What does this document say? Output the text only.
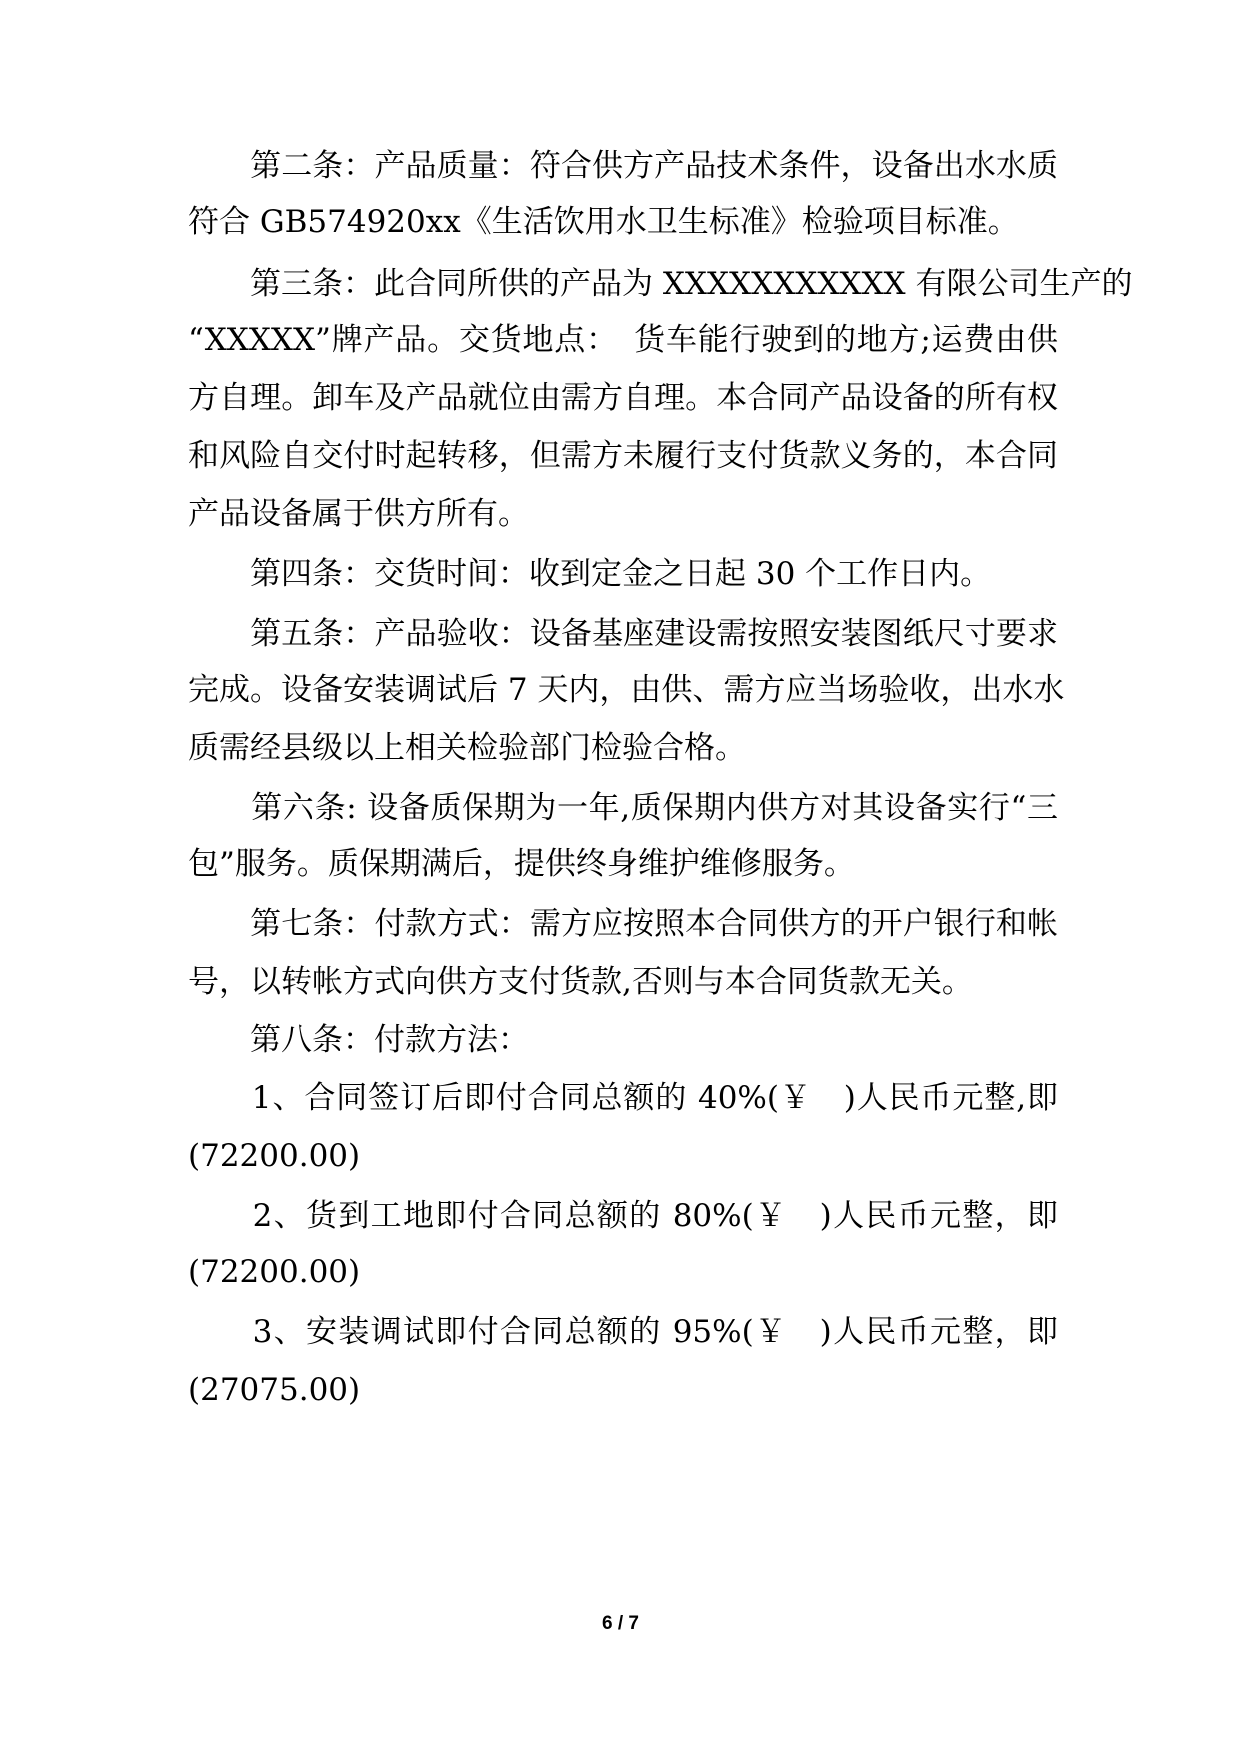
　　第二条：产品质量：符合供方产品技术条件，设备出水水质
符合 GB574920xx《生活饮用水卫生标准》检验项目标准。
　　第三条：此合同所供的产品为 XXXXXXXXXXX 有限公司生产的
“XXXXX”牌产品。交货地点：　货车能行驶到的地方;运费由供
方自理。卸车及产品就位由需方自理。本合同产品设备的所有权
和风险自交付时起转移，但需方未履行支付货款义务的，本合同
产品设备属于供方所有。
　　第四条：交货时间：收到定金之日起 30 个工作日内。
　　第五条：产品验收：设备基座建设需按照安装图纸尺寸要求
完成。设备安装调试后 7 天内，由供、需方应当场验收，出水水
质需经县级以上相关检验部门检验合格。
　　第六条: 设备质保期为一年,质保期内供方对其设备实行“三
包”服务。质保期满后，提供终身维护维修服务。
　　第七条：付款方式：需方应按照本合同供方的开户银行和帐
号，以转帐方式向供方支付货款,否则与本合同货款无关。
　　第八条：付款方法：
　　1、合同签订后即付合同总额的 40%(￥　)人民币元整,即
(72200.00)
　　2、货到工地即付合同总额的 80%(￥　)人民币元整，即
(72200.00)
　　3、安装调试即付合同总额的 95%(￥　)人民币元整，即
(27075.00)
6 / 7
